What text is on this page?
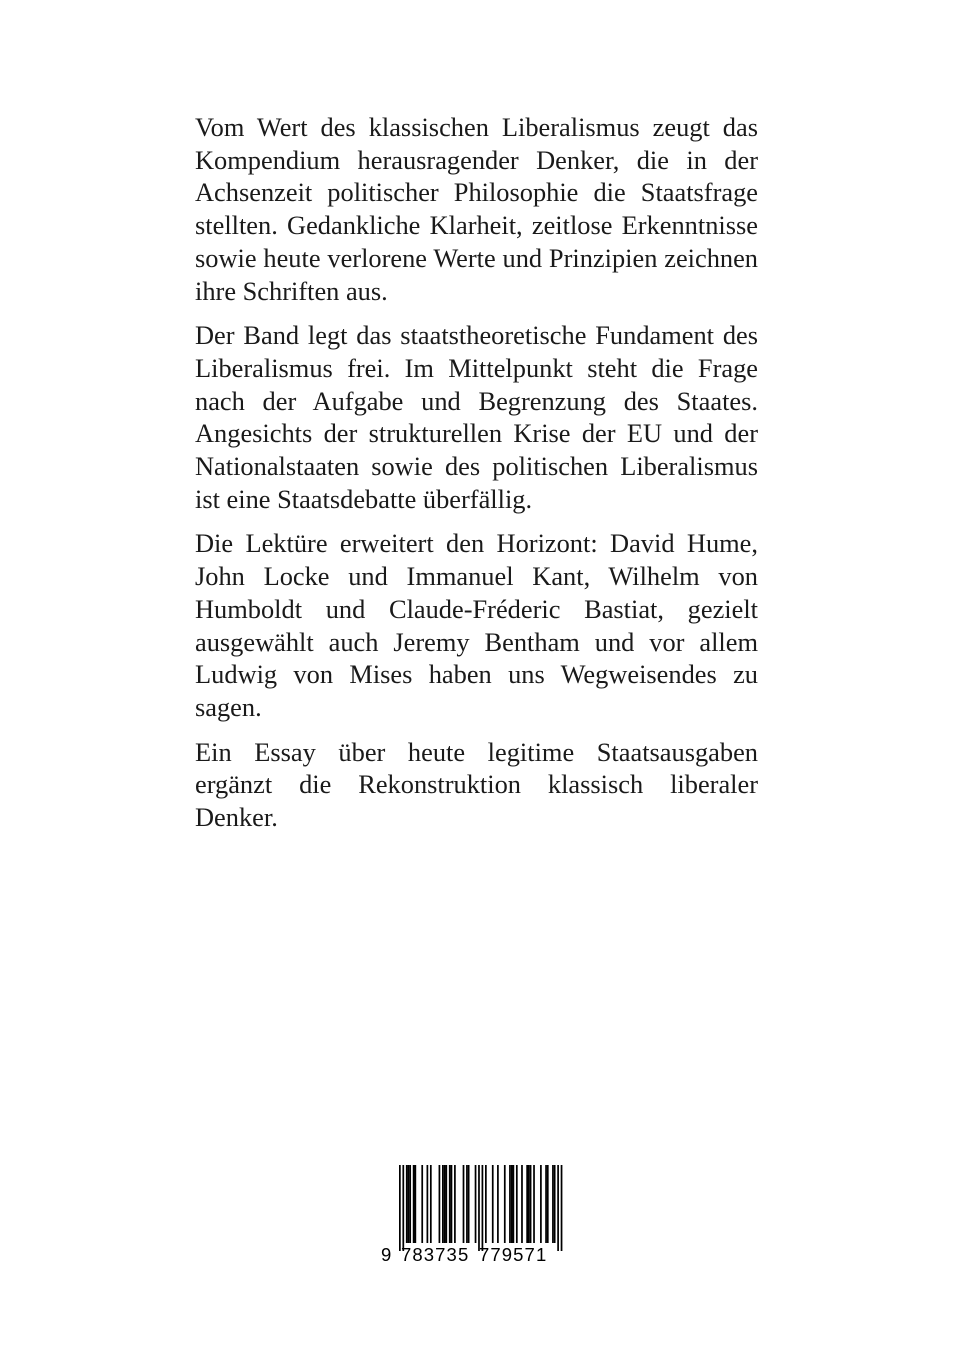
Vom Wert des klassischen Liberalismus zeugt das Kompendium herausragender Denker, die in der Achsenzeit politischer Philosophie die Staatsfrage stellten. Gedankliche Klarheit, zeitlose Erkenntnisse sowie heute verlorene Werte und Prinzipien zeichnen ihre Schriften aus.

Der Band legt das staatstheoretische Fundament des Liberalismus frei. Im Mittelpunkt steht die Frage nach der Aufgabe und Begrenzung des Staates. Angesichts der strukturellen Krise der EU und der Nationalstaaten sowie des politischen Liberalismus ist eine Staatsdebatte überfällig.

Die Lektüre erweitert den Horizont: David Hume, John Locke und Immanuel Kant, Wilhelm von Humboldt und Claude-Fréderic Bastiat, gezielt ausgewählt auch Jeremy Bentham und vor allem Ludwig von Mises haben uns Wegweisendes zu sagen.

Ein Essay über heute legitime Staatsausgaben ergänzt die Rekonstruktion klassisch liberaler Denker.

9 783735 779571
